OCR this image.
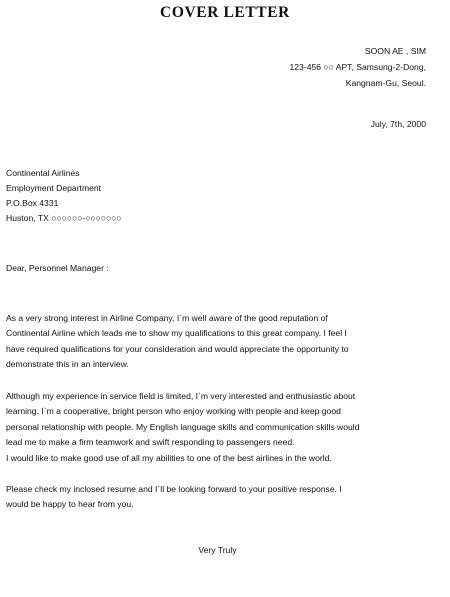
COVER LETTER
SOON AE , SIM
123-456 ○○ APT, Samsung-2-Dong,
Kangnam-Gu, Seoul.
July, 7th, 2000
Continental Airlines
Employment Department
P.O.Box 4331
Huston, TX ○○○○○○-○○○○○○○
Dear, Personnel Manager :
As a very strong interest in Airline Company, I`m well aware of the good reputation of
Continental Airline which leads me to show my qualifications to this great company. I feel I
have required qualifications for your consideration and would appreciate the opportunity to
demonstrate this in an interview.
Although my experience in service field is limited, I`m very interested and enthusiastic about
learning. I`m a cooperative, bright person who enjoy working with people and keep good
personal relationship with people. My English language skills and communication skills would
lead me to make a firm teamwork and swift responding to passengers need.
I would like to make good use of all my abilities to one of the best airlines in the world.
Please check my inclosed resume and I`ll be looking forward to your positive response. I
would be happy to hear from you.
Very Truly
